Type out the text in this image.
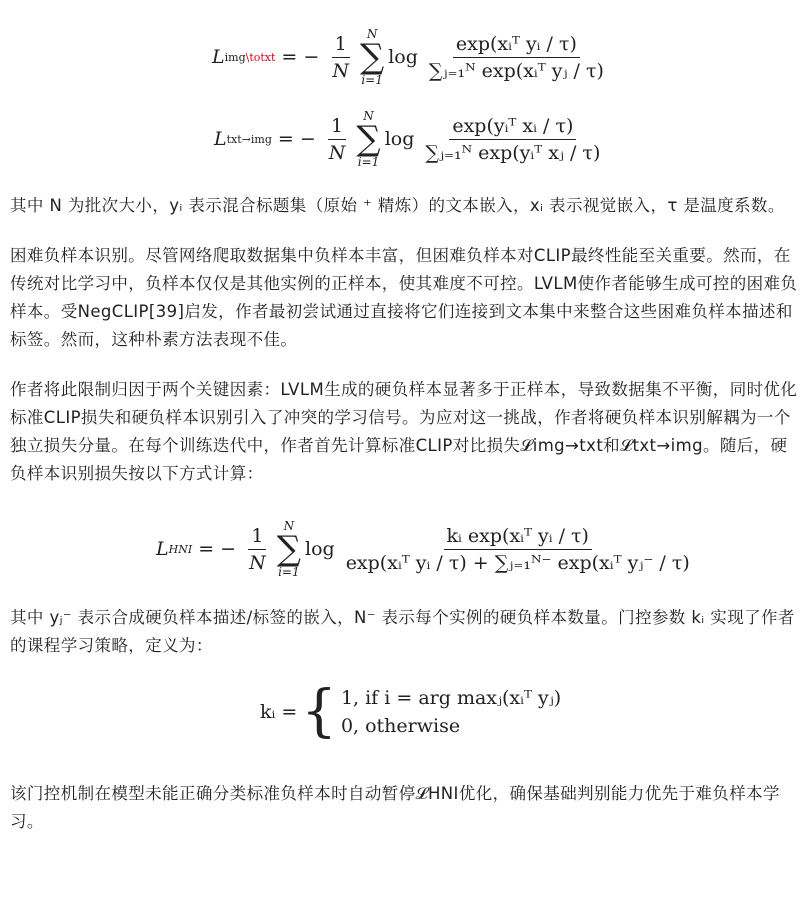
L img\totxt = − $\frac{1}{N}$ N
∑
i=1
$\log \frac{\text{exp(xᵢᵀ yᵢ / τ)}}{\text{∑ⱼ₌₁ᴺ exp(xᵢᵀ yⱼ / τ)}}$
L txt→img = − $\frac{1}{N}$ N
∑
i=1
$\log \frac{\text{exp(yᵢᵀ xᵢ / τ)}}{\text{∑ⱼ₌₁ᴺ exp(yᵢᵀ xⱼ / τ)}}$

其中 N 为批次大小，yᵢ 表示混合标题集（原始 ⁺ 精炼）的文本嵌入，xᵢ 表示视觉嵌入，τ 是温度系数。

困难负样本识别。尽管网络爬取数据集中负样本丰富，但困难负样本对CLIP最终性能至关重要。然而，在传统对比学习中，负样本仅仅是其他实例的正样本，使其难度不可控。LVLM使作者能够生成可控的困难负样本。受NegCLIP[39]启发，作者最初尝试通过直接将它们连接到文本集中来整合这些困难负样本描述和标签。然而，这种朴素方法表现不佳。

作者将此限制归因于两个关键因素：LVLM生成的硬负样本显著多于正样本，导致数据集不平衡，同时优化标准CLIP损失和硬负样本识别引入了冲突的学习信号。为应对这一挑战，作者将硬负样本识别解耦为一个独立损失分量。在每个训练迭代中，作者首先计算标准CLIP对比损失𝓛img→txt和𝓛txt→img。随后，硬负样本识别损失按以下方式计算：

L HNI = − $\frac{1}{N}$ N
∑
i=1
$\log \frac{\text{kᵢ exp(xᵢᵀ yᵢ / τ)}}{\text{exp(xᵢᵀ yᵢ / τ) + ∑ⱼ₌₁ᴺ⁻ exp(xᵢᵀ yⱼ⁻ / τ)}}$

其中 yⱼ⁻ 表示合成硬负样本描述/标签的嵌入，N⁻ 表示每个实例的硬负样本数量。门控参数 kᵢ 实现了作者的课程学习策略，定义为：

kᵢ = { 1, if i = arg maxⱼ(xᵢᵀ yⱼ)
0, otherwise

该门控机制在模型未能正确分类标准负样本时自动暂停𝓛HNI优化，确保基础判别能力优先于难负样本学习。
